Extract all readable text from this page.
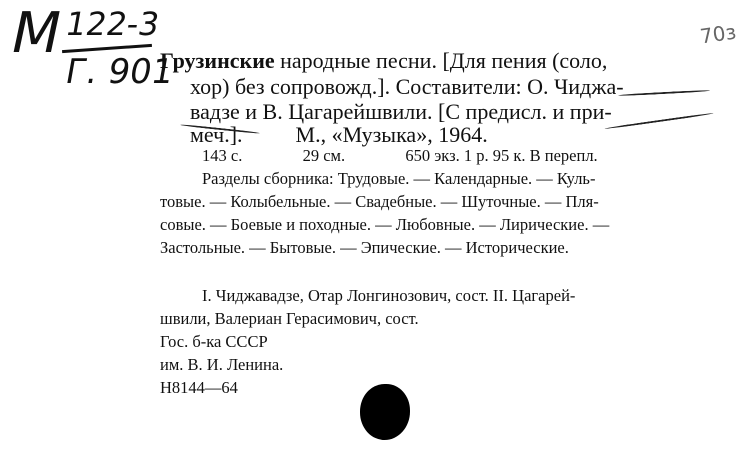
М
122-3
Г. 901
70з
Грузинские народные песни. [Для пения (соло,
хор) без сопровожд.]. Составители: О. Чиджа-
вадзе и В. Цагарейшвили. [С предисл. и при-
меч.]. М., «Музыка», 1964.
143 с.	29 см.	650 экз. 1 р. 95 к. В перепл.
Разделы сборника: Трудовые. — Календарные. — Куль-
товые. — Колыбельные. — Свадебные. — Шуточные. — Пля-
совые. — Боевые и походные. — Любовные. — Лирические. —
Застольные. — Бытовые. — Эпические. — Исторические.
I. Чиджавадзе, Отар Лонгинозович, сост. II. Цагарей-
швили, Валериан Герасимович, сост.
Гос. б-ка СССР
им. В. И. Ленина.
Н8144—64
